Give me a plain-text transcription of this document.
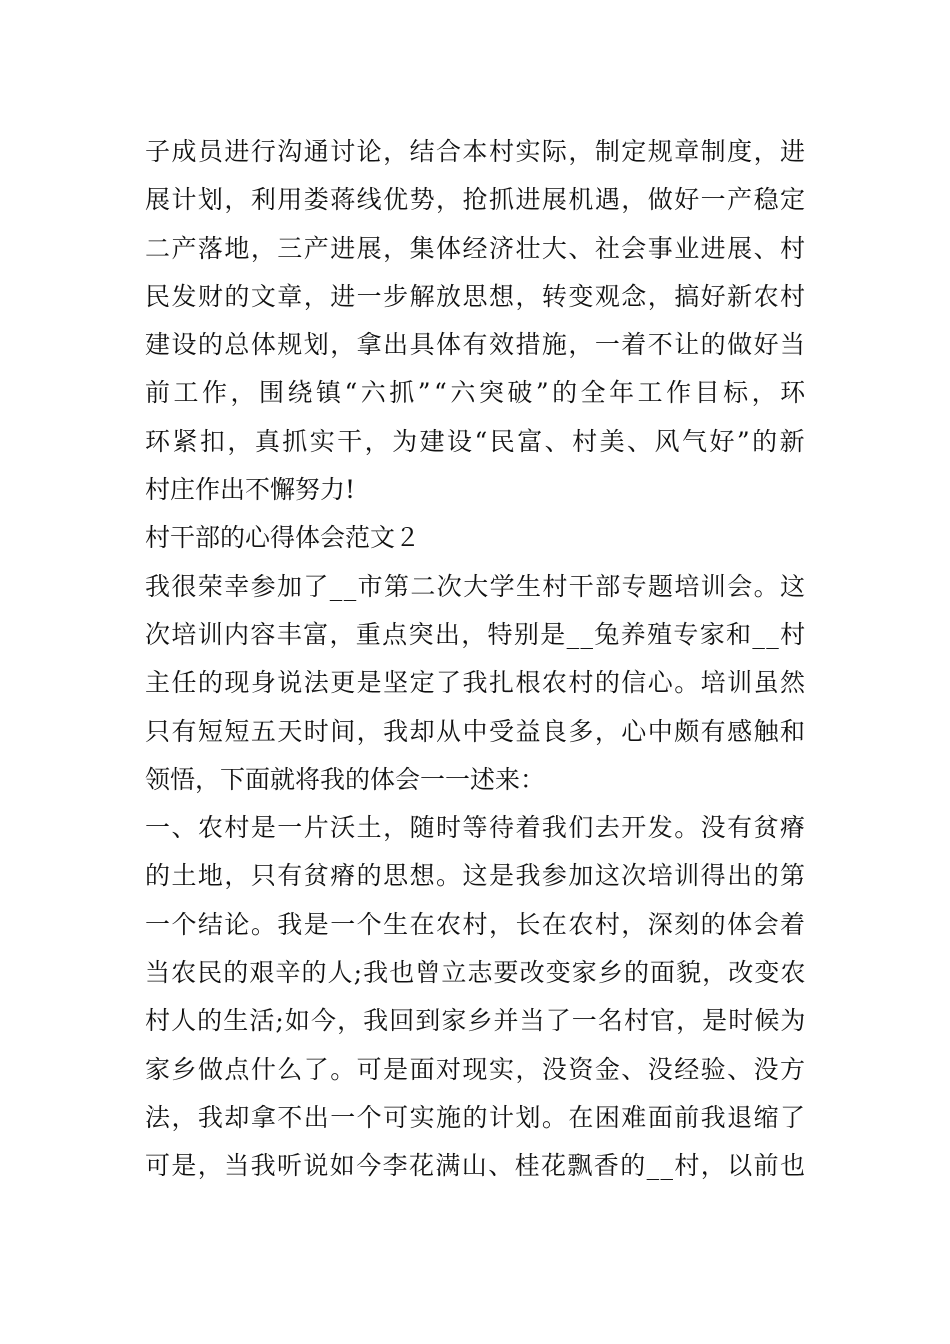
子成员进行沟通讨论，结合本村实际，制定规章制度，进
展计划，利用娄蒋线优势，抢抓进展机遇，做好一产稳定
二产落地，三产进展，集体经济壮大、社会事业进展、村
民发财的文章，进一步解放思想，转变观念，搞好新农村
建设的总体规划，拿出具体有效措施，一着不让的做好当
前工作，围绕镇“六抓”“六突破”的全年工作目标，环
环紧扣，真抓实干，为建设“民富、村美、风气好”的新
村庄作出不懈努力!
村干部的心得体会范文２
我很荣幸参加了__市第二次大学生村干部专题培训会。这
次培训内容丰富，重点突出，特别是__兔养殖专家和__村
主任的现身说法更是坚定了我扎根农村的信心。培训虽然
只有短短五天时间，我却从中受益良多，心中颇有感触和
领悟，下面就将我的体会一一述来：
一、农村是一片沃土，随时等待着我们去开发。没有贫瘠
的土地，只有贫瘠的思想。这是我参加这次培训得出的第
一个结论。我是一个生在农村，长在农村，深刻的体会着
当农民的艰辛的人;我也曾立志要改变家乡的面貌，改变农
村人的生活;如今，我回到家乡并当了一名村官，是时候为
家乡做点什么了。可是面对现实，没资金、没经验、没方
法，我却拿不出一个可实施的计划。在困难面前我退缩了
可是，当我听说如今李花满山、桂花飘香的__村，以前也
